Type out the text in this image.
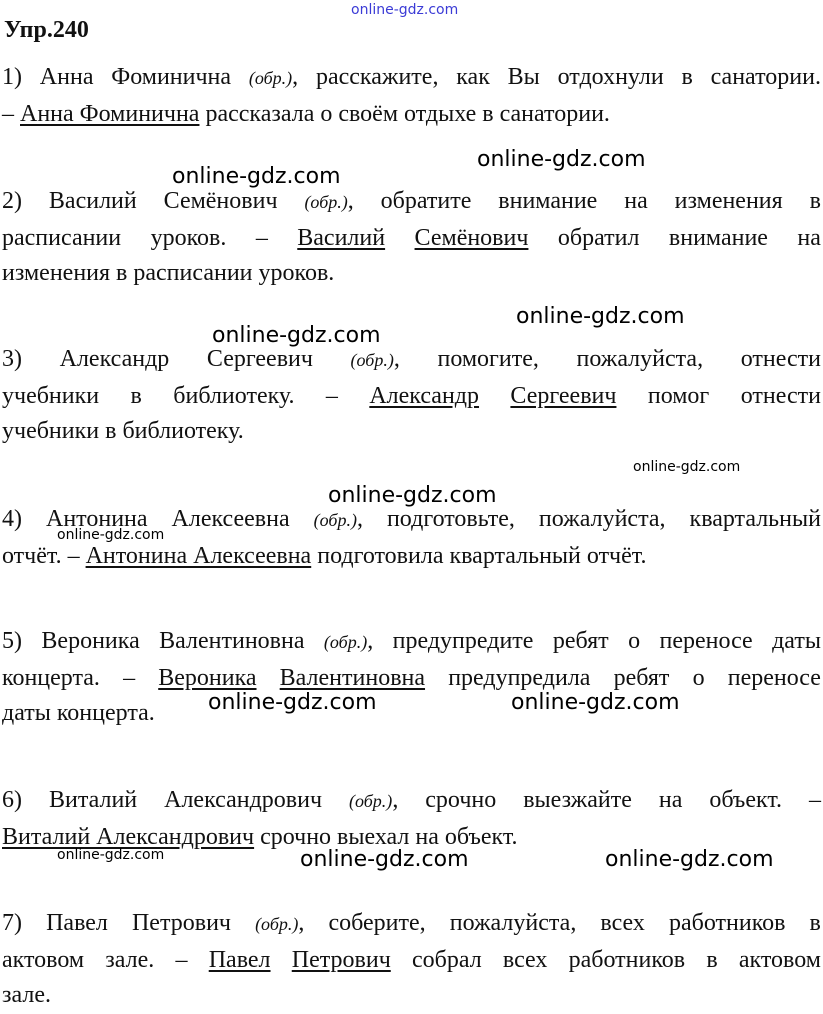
Упр.240
1) Анна Фоминична (обр.), расскажите, как Вы отдохнули в санатории.
– Анна Фоминична рассказала о своём отдыхе в санатории.
2) Василий Семёнович (обр.), обратите внимание на изменения в
расписании уроков. – Василий Семёнович обратил внимание на
изменения в расписании уроков.
3) Александр Сергеевич (обр.), помогите, пожалуйста, отнести
учебники в библиотеку. – Александр Сергеевич помог отнести
учебники в библиотеку.
4) Антонина Алексеевна (обр.), подготовьте, пожалуйста, квартальный
отчёт. – Антонина Алексеевна подготовила квартальный отчёт.
5) Вероника Валентиновна (обр.), предупредите ребят о переносе даты
концерта. – Вероника Валентиновна предупредила ребят о переносе
даты концерта.
6) Виталий Александрович (обр.), срочно выезжайте на объект. –
Виталий Александрович срочно выехал на объект.
7) Павел Петрович (обр.), соберите, пожалуйста, всех работников в
актовом зале. – Павел Петрович собрал всех работников в актовом
зале.
online-gdz.com
online-gdz.com
online-gdz.com
online-gdz.com
online-gdz.com
online-gdz.com
online-gdz.com
online-gdz.com
online-gdz.com	online-gdz.com
online-gdz.com	online-gdz.com	online-gdz.com
